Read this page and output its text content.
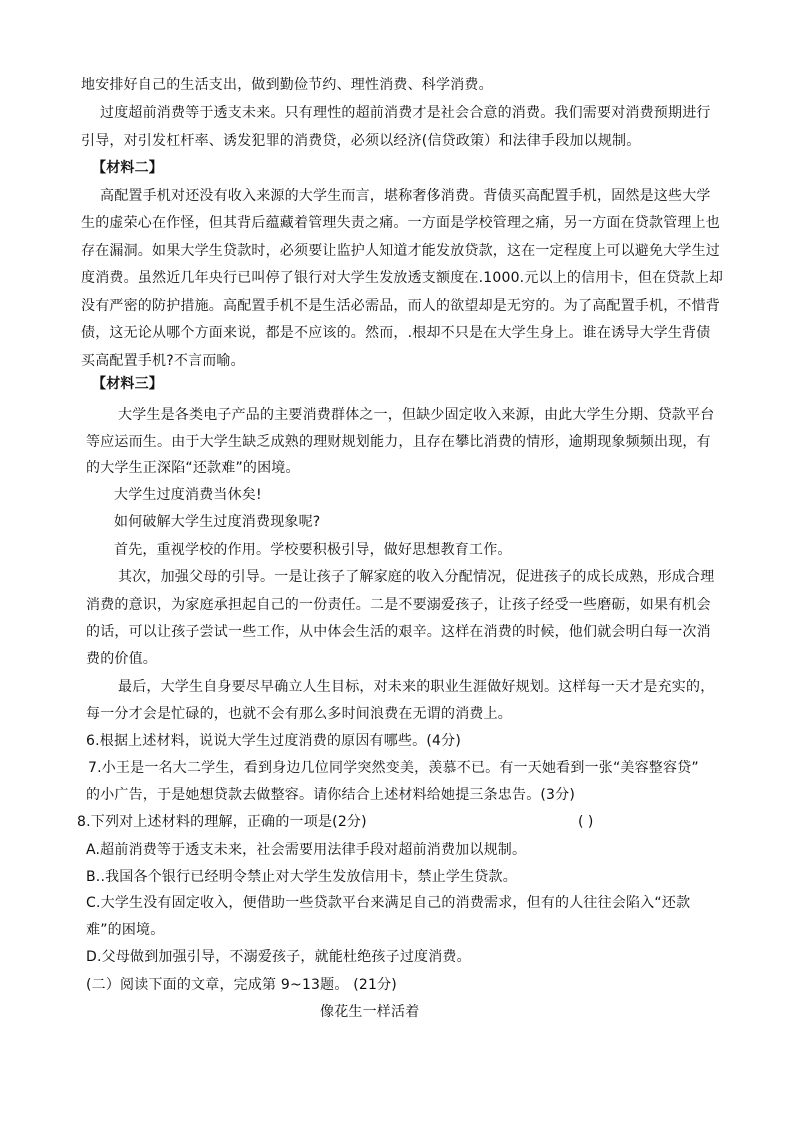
地安排好自己的生活支出，做到勤俭节约、理性消费、科学消费。
过度超前消费等于透支未来。只有理性的超前消费才是社会合意的消费。我们需要对消费预期进行
引导，对引发杠杆率、诱发犯罪的消费贷，必须以经济(信贷政策）和法律手段加以规制。
【材料二】
高配置手机对还没有收入来源的大学生而言，堪称奢侈消费。背债买高配置手机，固然是这些大学
生的虚荣心在作怪，但其背后蕴藏着管理失责之痛。一方面是学校管理之痛，另一方面在贷款管理上也
存在漏洞。如果大学生贷款时，必须要让监护人知道才能发放贷款，这在一定程度上可以避免大学生过
度消费。虽然近几年央行已叫停了银行对大学生发放透支额度在.1000.元以上的信用卡，但在贷款上却
没有严密的防护措施。高配置手机不是生活必需品，而人的欲望却是无穷的。为了高配置手机，不惜背
债，这无论从哪个方面来说，都是不应该的。然而，.根却不只是在大学生身上。谁在诱导大学生背债
买高配置手机?不言而喻。
【材料三】
大学生是各类电子产品的主要消费群体之一，但缺少固定收入来源，由此大学生分期、贷款平台
等应运而生。由于大学生缺乏成熟的理财规划能力，且存在攀比消费的情形，逾期现象频频出现，有
的大学生正深陷“还款难”的困境。
大学生过度消费当休矣!
如何破解大学生过度消费现象呢?
首先，重视学校的作用。学校要积极引导，做好思想教育工作。
其次，加强父母的引导。一是让孩子了解家庭的收入分配情况，促进孩子的成长成熟，形成合理
消费的意识，为家庭承担起自己的一份责任。二是不要溺爱孩子，让孩子经受一些磨砺，如果有机会
的话，可以让孩子尝试一些工作，从中体会生活的艰辛。这样在消费的时候，他们就会明白每一次消
费的价值。
最后，大学生自身要尽早确立人生目标，对未来的职业生涯做好规划。这样每一天才是充实的，
每一分才会是忙碌的，也就不会有那么多时间浪费在无谓的消费上。
6.根据上述材料，说说大学生过度消费的原因有哪些。(4分)
7.小王是一名大二学生，看到身边几位同学突然变美，羡慕不已。有一天她看到一张“美容整容贷”
的小广告，于是她想贷款去做整容。请你结合上述材料给她提三条忠告。(3分)
8.下列对上述材料的理解，正确的一项是(2分)	( )
A.超前消费等于透支未来，社会需要用法律手段对超前消费加以规制。
B..我国各个银行已经明令禁止对大学生发放信用卡，禁止学生贷款。
C.大学生没有固定收入，便借助一些贷款平台来满足自己的消费需求，但有的人往往会陷入“还款
难”的困境。
D.父母做到加强引导，不溺爱孩子，就能杜绝孩子过度消费。
(二）阅读下面的文章，完成第 9~13题。 (21分)
像花生一样活着
